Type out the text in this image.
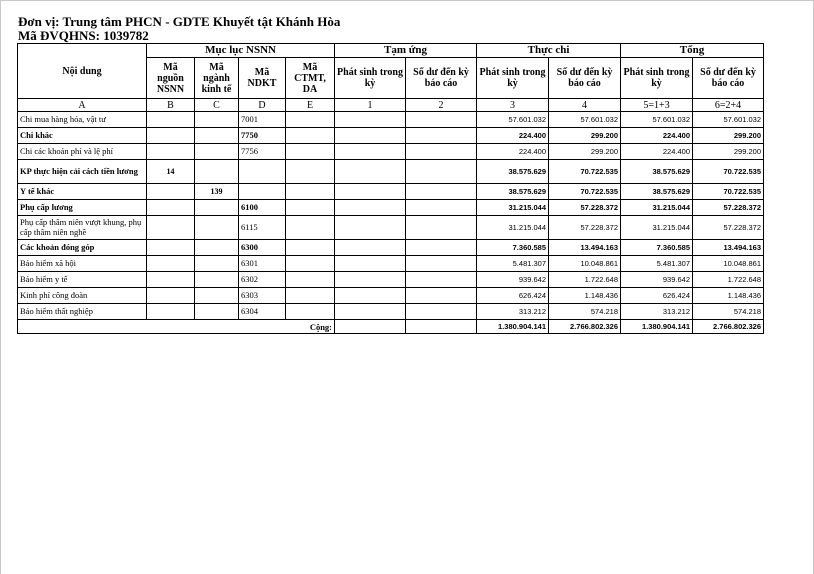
Đơn vị: Trung tâm PHCN - GDTE Khuyết tật Khánh Hòa
Mã ĐVQHNS: 1039782
Nội dung	Mục lục NSNN				Tạm ứng		Thực chi		Tổng	
	Mã nguồn NSNN	Mã ngành kinh tế	Mã NDKT	Mã CTMT, DA	Phát sinh trong kỳ	Số dư đến kỳ báo cáo	Phát sinh trong kỳ	Số dư đến kỳ báo cáo	Phát sinh trong kỳ	Số dư đến kỳ báo cáo
A	B	C	D	E	1	2	3	4	5=1+3	6=2+4
Chi mua hàng hóa, vật tư			7001				57.601.032	57.601.032	57.601.032	57.601.032
Chi khác			7750				224.400	299.200	224.400	299.200
Chi các khoản phí và lệ phí			7756				224.400	299.200	224.400	299.200
KP thực hiện cải cách tiền lương	14						38.575.629	70.722.535	38.575.629	70.722.535
Y tế khác		139					38.575.629	70.722.535	38.575.629	70.722.535
Phụ cấp lương			6100				31.215.044	57.228.372	31.215.044	57.228.372
Phụ cấp thâm niên vượt khung, phụ cấp thâm niên nghề			6115				31.215.044	57.228.372	31.215.044	57.228.372
Các khoản đóng góp			6300				7.360.585	13.494.163	7.360.585	13.494.163
Bảo hiểm xã hội			6301				5.481.307	10.048.861	5.481.307	10.048.861
Bảo hiểm y tế			6302				939.642	1.722.648	939.642	1.722.648
Kinh phí công đoàn			6303				626.424	1.148.436	626.424	1.148.436
Bảo hiểm thất nghiệp			6304				313.212	574.218	313.212	574.218
Cộng:							1.380.904.141	2.766.802.326	1.380.904.141	2.766.802.326
